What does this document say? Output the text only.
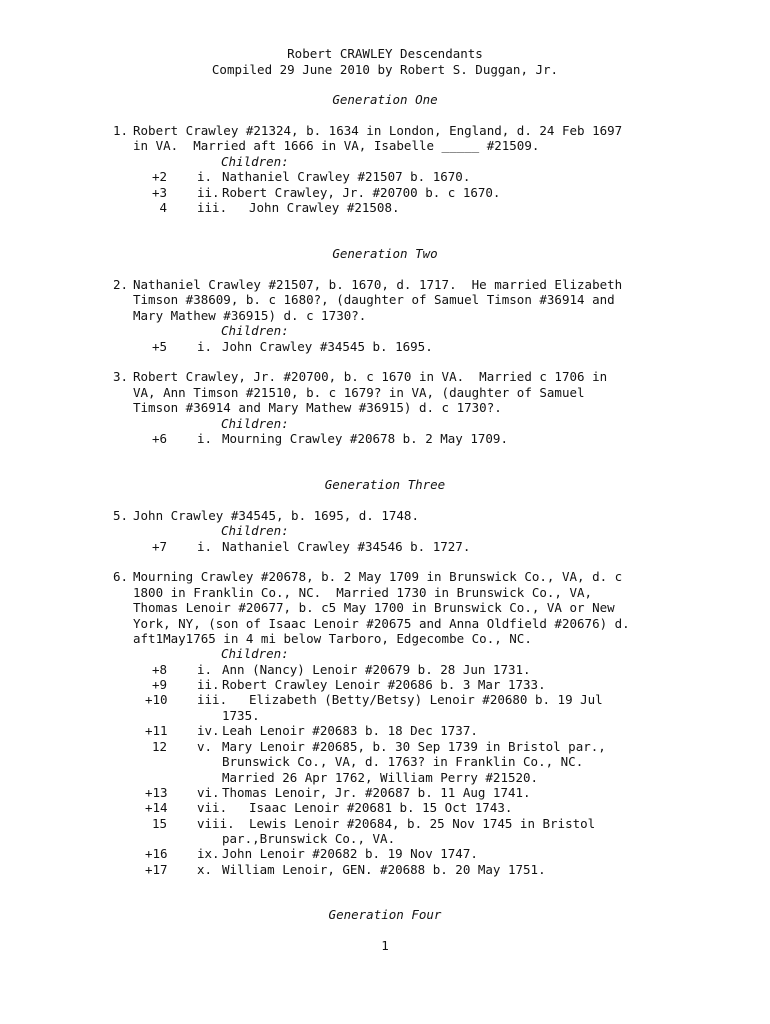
Robert CRAWLEY Descendants
Compiled 29 June 2010 by Robert S. Duggan, Jr.
Generation One
1. Robert Crawley #21324, b. 1634 in London, England, d. 24 Feb 1697
in VA.  Married aft 1666 in VA, Isabelle _____ #21509.
Children:
+2 i. Nathaniel Crawley #21507 b. 1670.
+3 ii. Robert Crawley, Jr. #20700 b. c 1670.
4 iii. John Crawley #21508.
Generation Two
2. Nathaniel Crawley #21507, b. 1670, d. 1717.  He married Elizabeth
Timson #38609, b. c 1680?, (daughter of Samuel Timson #36914 and
Mary Mathew #36915) d. c 1730?.
Children:
+5 i. John Crawley #34545 b. 1695.
3. Robert Crawley, Jr. #20700, b. c 1670 in VA.  Married c 1706 in
VA, Ann Timson #21510, b. c 1679? in VA, (daughter of Samuel
Timson #36914 and Mary Mathew #36915) d. c 1730?.
Children:
+6 i. Mourning Crawley #20678 b. 2 May 1709.
Generation Three
5. John Crawley #34545, b. 1695, d. 1748.
Children:
+7 i. Nathaniel Crawley #34546 b. 1727.
6. Mourning Crawley #20678, b. 2 May 1709 in Brunswick Co., VA, d. c
1800 in Franklin Co., NC.  Married 1730 in Brunswick Co., VA,
Thomas Lenoir #20677, b. c5 May 1700 in Brunswick Co., VA or New
York, NY, (son of Isaac Lenoir #20675 and Anna Oldfield #20676) d.
aft1May1765 in 4 mi below Tarboro, Edgecombe Co., NC.
Children:
+8 i. Ann (Nancy) Lenoir #20679 b. 28 Jun 1731.
+9 ii. Robert Crawley Lenoir #20686 b. 3 Mar 1733.
+10 iii. Elizabeth (Betty/Betsy) Lenoir #20680 b. 19 Jul
1735.
+11 iv. Leah Lenoir #20683 b. 18 Dec 1737.
12 v. Mary Lenoir #20685, b. 30 Sep 1739 in Bristol par.,
Brunswick Co., VA, d. 1763? in Franklin Co., NC.
Married 26 Apr 1762, William Perry #21520.
+13 vi. Thomas Lenoir, Jr. #20687 b. 11 Aug 1741.
+14 vii. Isaac Lenoir #20681 b. 15 Oct 1743.
15 viii. Lewis Lenoir #20684, b. 25 Nov 1745 in Bristol
par.,Brunswick Co., VA.
+16 ix. John Lenoir #20682 b. 19 Nov 1747.
+17 x. William Lenoir, GEN. #20688 b. 20 May 1751.
Generation Four
1
